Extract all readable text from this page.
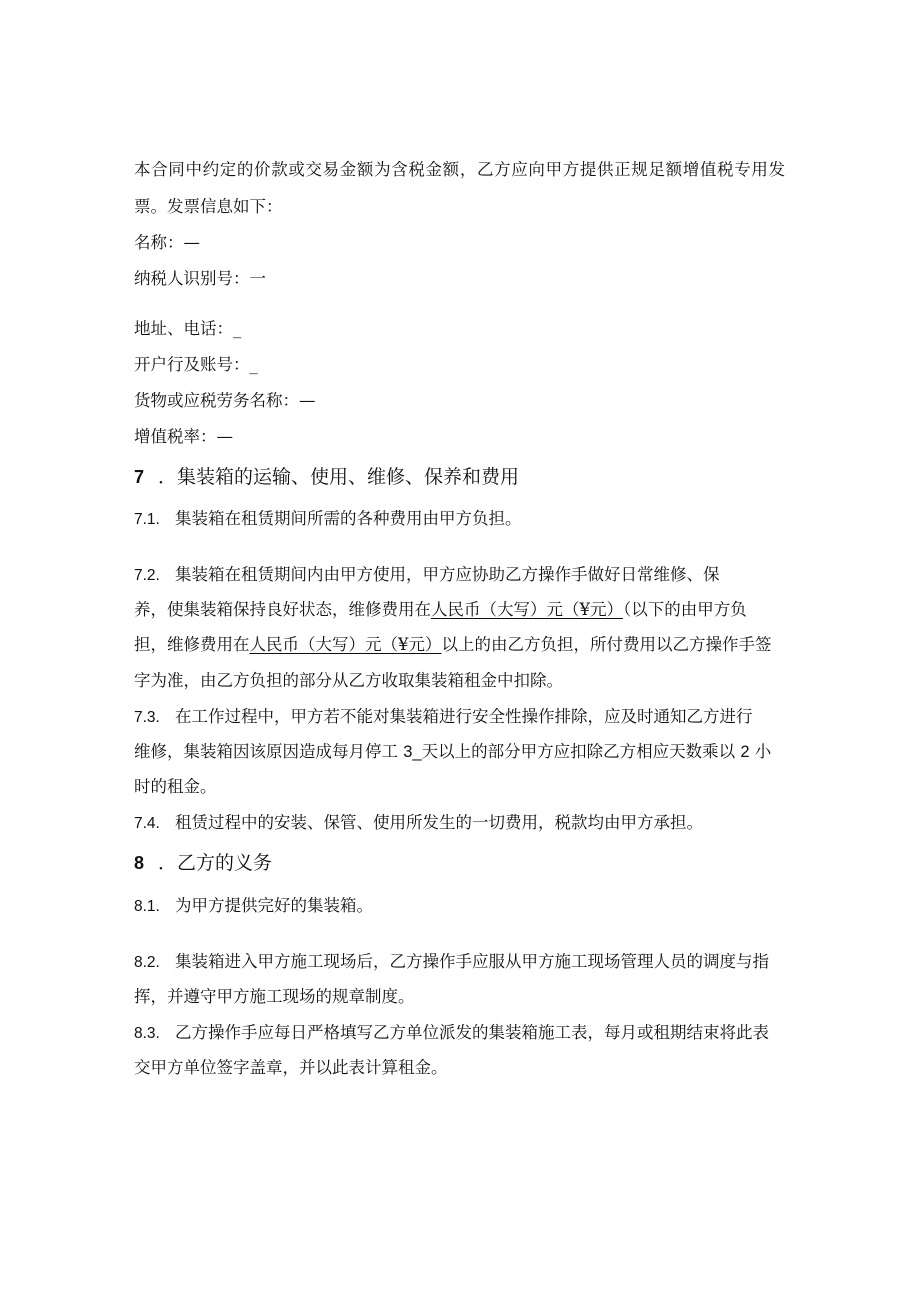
本合同中约定的价款或交易金额为含税金额，乙方应向甲方提供正规足额增值税专用发
票。发票信息如下：
名称：—
纳税人识别号：一
地址、电话：_
开户行及账号：_
货物或应税劳务名称：—
增值税率：—
7 ．集装箱的运输、使用、维修、保养和费用
7.1. 集装箱在租赁期间所需的各种费用由甲方负担。
7.2. 集装箱在租赁期间内由甲方使用，甲方应协助乙方操作手做好日常维修、保
养，使集装箱保持良好状态，维修费用在人民币（大写）元（¥元）（以下的由甲方负
担，维修费用在人民币（大写）元（¥元）以上的由乙方负担，所付费用以乙方操作手签
字为准，由乙方负担的部分从乙方收取集装箱租金中扣除。
7.3. 在工作过程中，甲方若不能对集装箱进行安全性操作排除，应及时通知乙方进行
维修，集装箱因该原因造成每月停工 3_天以上的部分甲方应扣除乙方相应天数乘以 2 小
时的租金。
7.4. 租赁过程中的安装、保管、使用所发生的一切费用，税款均由甲方承担。
8 ．乙方的义务
8.1. 为甲方提供完好的集装箱。
8.2. 集装箱进入甲方施工现场后，乙方操作手应服从甲方施工现场管理人员的调度与指
挥，并遵守甲方施工现场的规章制度。
8.3. 乙方操作手应每日严格填写乙方单位派发的集装箱施工表，每月或租期结束将此表
交甲方单位签字盖章，并以此表计算租金。
